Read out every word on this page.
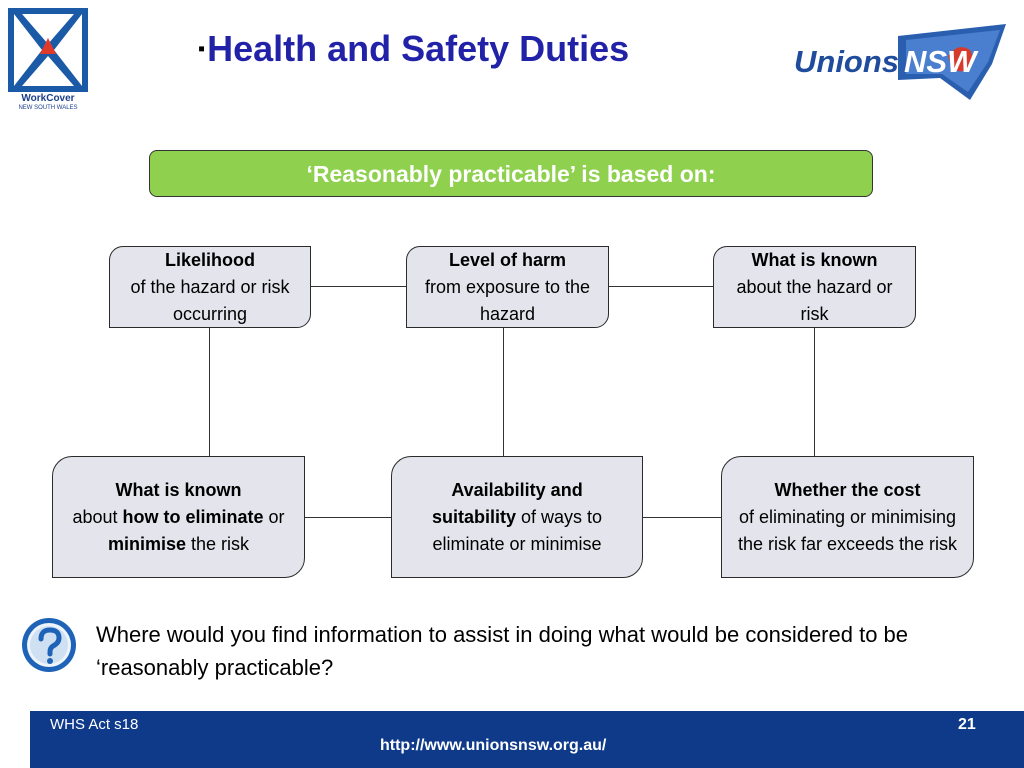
WorkCover
NEW SOUTH WALES
▪Health and Safety Duties	Unions NSW
‘Reasonably practicable’ is based on:
Likelihood
of the hazard or risk occurring
Level of harm
from exposure to the hazard
What is known
about the hazard or risk
What is known
about how to eliminate or minimise the risk
Availability and suitability of ways to eliminate or minimise
Whether the cost
of eliminating or minimising the risk far exceeds the risk
Where would you find information to assist in doing what would be considered to be ‘reasonably practicable?
WHS Act s18	21
http://www.unionsnsw.org.au/
